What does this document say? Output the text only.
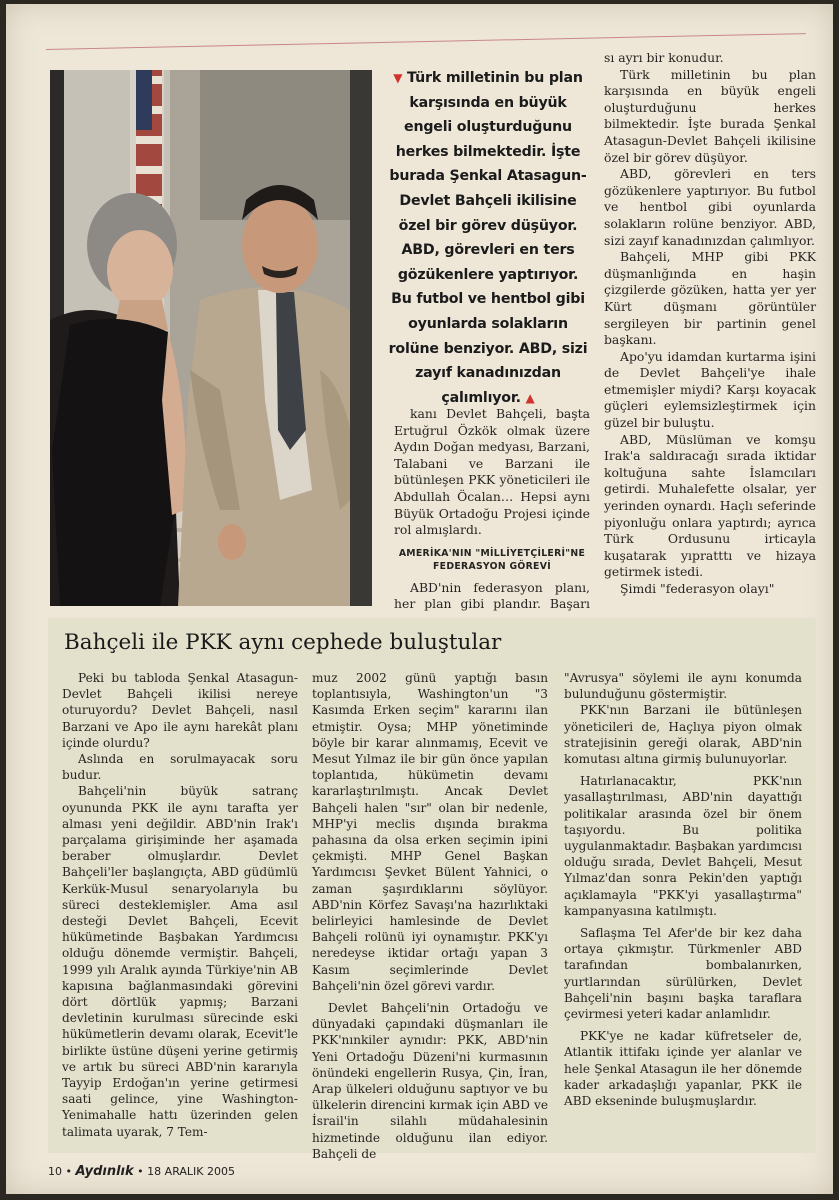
▼ Türk milletinin bu plan karşısında en büyük engeli oluşturduğunu herkes bilmektedir. İşte burada Şenkal Atasagun-Devlet Bahçeli ikilisine özel bir görev düşüyor. ABD, görevleri en ters gözükenlere yaptırıyor. Bu futbol ve hentbol gibi oyunlarda solakların rolüne benziyor. ABD, sizi zayıf kanadınızdan çalımlıyor. ▲

kanı Devlet Bahçeli, başta Ertuğrul Özkök olmak üzere Aydın Doğan medyası, Barzani, Talabani ve Barzani ile bütünleşen PKK yöneticileri ile Abdullah Öcalan… Hepsi aynı Büyük Ortadoğu Projesi içinde rol almışlardı.

AMERİKA'NIN "MİLLİYETÇİLERİ"NE FEDERASYON GÖREVİ

ABD'nin federasyon planı, her plan gibi plandır. Başarı

sı ayrı bir konudur.

Türk milletinin bu plan karşısında en büyük engeli oluşturduğunu herkes bilmektedir. İşte burada Şenkal Atasagun-Devlet Bahçeli ikilisine özel bir görev düşüyor.

ABD, görevleri en ters gözükenlere yaptırıyor. Bu futbol ve hentbol gibi oyunlarda solakların rolüne benziyor. ABD, sizi zayıf kanadınızdan çalımlıyor.

Bahçeli, MHP gibi PKK düşmanlığında en haşin çizgilerde gözüken, hatta yer yer Kürt düşmanı görüntüler sergileyen bir partinin genel başkanı.

Apo'yu idamdan kurtarma işini de Devlet Bahçeli'ye ihale etmemişler miydi? Karşı koyacak güçleri eylemsizleştirmek için güzel bir buluştu.

ABD, Müslüman ve komşu Irak'a saldıracağı sırada iktidar koltuğuna sahte İslamcıları getirdi. Muhalefette olsalar, yer yerinden oynardı. Haçlı seferinde piyonluğu onlara yaptırdı; ayrıca Türk Ordusunu irticayla kuşatarak yıpratttı ve hizaya getirmek istedi.

Şimdi "federasyon olayı"

Bahçeli ile PKK aynı cephede buluştular

Peki bu tabloda Şenkal Atasagun-Devlet Bahçeli ikilisi nereye oturuyordu? Devlet Bahçeli, nasıl Barzani ve Apo ile aynı harekât planı içinde olurdu?

Aslında en sorulmayacak soru budur.

Bahçeli'nin büyük satranç oyununda PKK ile aynı tarafta yer alması yeni değildir. ABD'nin Irak'ı parçalama girişiminde her aşamada beraber olmuşlardır. Devlet Bahçeli'ler başlangıçta, ABD güdümlü Kerkük-Musul senaryolarıyla bu süreci desteklemişler. Ama asıl desteği Devlet Bahçeli, Ecevit hükümetinde Başbakan Yardımcısı olduğu dönemde vermiştir. Bahçeli, 1999 yılı Aralık ayında Türkiye'nin AB kapısına bağlanmasındaki görevini dört dörtlük yapmış; Barzani devletinin kurulması sürecinde eski hükümetlerin devamı olarak, Ecevit'le birlikte üstüne düşeni yerine getirmiş ve artık bu süreci ABD'nin kararıyla Tayyip Erdoğan'ın yerine getirmesi saati gelince, yine Washington-Yenimahalle hattı üzerinden gelen talimata uyarak, 7 Tem-

muz 2002 günü yaptığı basın toplantısıyla, Washington'un "3 Kasımda Erken seçim" kararını ilan etmiştir. Oysa; MHP yönetiminde böyle bir karar alınmamış, Ecevit ve Mesut Yılmaz ile bir gün önce yapılan toplantıda, hükümetin devamı kararlaştırılmıştı. Ancak Devlet Bahçeli halen "sır" olan bir nedenle, MHP'yi meclis dışında bırakma pahasına da olsa erken seçimin ipini çekmişti. MHP Genel Başkan Yardımcısı Şevket Bülent Yahnici, o zaman şaşırdıklarını söylüyor. ABD'nin Körfez Savaşı'na hazırlıktaki belirleyici hamlesinde de Devlet Bahçeli rolünü iyi oynamıştır. PKK'yı neredeyse iktidar ortağı yapan 3 Kasım seçimlerinde Devlet Bahçeli'nin özel görevi vardır.

Devlet Bahçeli'nin Ortadoğu ve dünyadaki çapındaki düşmanları ile PKK'nınkiler aynıdır: PKK, ABD'nin Yeni Ortadoğu Düzeni'ni kurmasının önündeki engellerin Rusya, Çin, İran, Arap ülkeleri olduğunu saptıyor ve bu ülkelerin direncini kırmak için ABD ve İsrail'in silahlı müdahalesinin hizmetinde olduğunu ilan ediyor. Bahçeli de

"Avrusya" söylemi ile aynı konumda bulunduğunu göstermiştir.

PKK'nın Barzani ile bütünleşen yöneticileri de, Haçlıya piyon olmak stratejisinin gereği olarak, ABD'nin komutası altına girmiş bulunuyorlar.

Hatırlanacaktır, PKK'nın yasallaştırılması, ABD'nin dayattığı politikalar arasında özel bir önem taşıyordu. Bu politika uygulanmaktadır. Başbakan yardımcısı olduğu sırada, Devlet Bahçeli, Mesut Yılmaz'dan sonra Pekin'den yaptığı açıklamayla "PKK'yi yasallaştırma" kampanyasına katılmıştı.

Saflaşma Tel Afer'de bir kez daha ortaya çıkmıştır. Türkmenler ABD tarafından bombalanırken, yurtlarından sürülürken, Devlet Bahçeli'nin başını başka taraflara çevirmesi yeteri kadar anlamlıdır.

PKK'ye ne kadar küfretseler de, Atlantik ittifakı içinde yer alanlar ve hele Şenkal Atasagun ile her dönemde kader arkadaşlığı yapanlar, PKK ile ABD ekseninde buluşmuşlardır.

10 • Aydınlık • 18 ARALIK 2005
